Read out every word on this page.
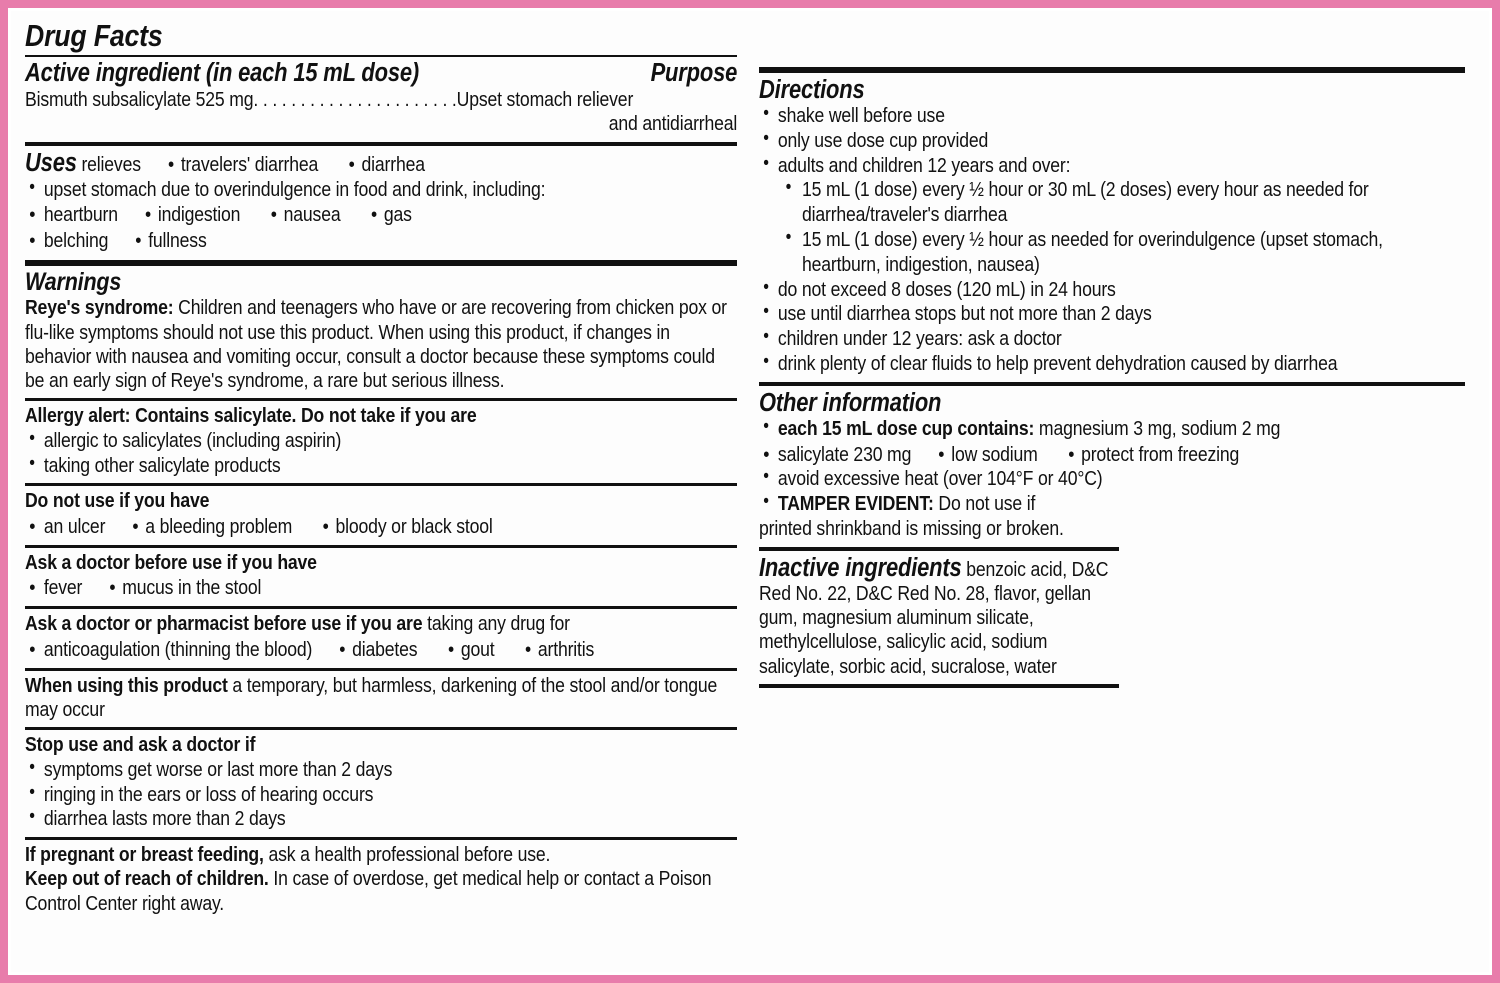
Drug Facts
Active ingredient (in each 15 mL dose)	Purpose
Bismuth subsalicylate 525 mg. . . . . . . . . . . . . . . . . . . . . .Upset stomach reliever
and antidiarrheal
Uses relieves • travelers' diarrhea • diarrhea
• upset stomach due to overindulgence in food and drink, including:
• heartburn • indigestion • nausea • gas
• belching • fullness
Warnings
Reye's syndrome: Children and teenagers who have or are recovering from chicken pox or flu-like symptoms should not use this product. When using this product, if changes in behavior with nausea and vomiting occur, consult a doctor because these symptoms could be an early sign of Reye's syndrome, a rare but serious illness.
Allergy alert: Contains salicylate. Do not take if you are
• allergic to salicylates (including aspirin)
• taking other salicylate products
Do not use if you have
• an ulcer • a bleeding problem • bloody or black stool
Ask a doctor before use if you have
• fever • mucus in the stool
Ask a doctor or pharmacist before use if you are taking any drug for
• anticoagulation (thinning the blood) • diabetes • gout • arthritis
When using this product a temporary, but harmless, darkening of the stool and/or tongue may occur
Stop use and ask a doctor if
• symptoms get worse or last more than 2 days
• ringing in the ears or loss of hearing occurs
• diarrhea lasts more than 2 days
If pregnant or breast feeding, ask a health professional before use.
Keep out of reach of children. In case of overdose, get medical help or contact a Poison Control Center right away.
Directions
• shake well before use
• only use dose cup provided
• adults and children 12 years and over:
• 15 mL (1 dose) every ½ hour or 30 mL (2 doses) every hour as needed for diarrhea/traveler's diarrhea
• 15 mL (1 dose) every ½ hour as needed for overindulgence (upset stomach, heartburn, indigestion, nausea)
• do not exceed 8 doses (120 mL) in 24 hours
• use until diarrhea stops but not more than 2 days
• children under 12 years: ask a doctor
• drink plenty of clear fluids to help prevent dehydration caused by diarrhea
Other information
• each 15 mL dose cup contains: magnesium 3 mg, sodium 2 mg
• salicylate 230 mg • low sodium • protect from freezing
• avoid excessive heat (over 104°F or 40°C)
• TAMPER EVIDENT: Do not use if
printed shrinkband is missing or broken.
Inactive ingredients benzoic acid, D&C Red No. 22, D&C Red No. 28, flavor, gellan gum, magnesium aluminum silicate, methylcellulose, salicylic acid, sodium salicylate, sorbic acid, sucralose, water
